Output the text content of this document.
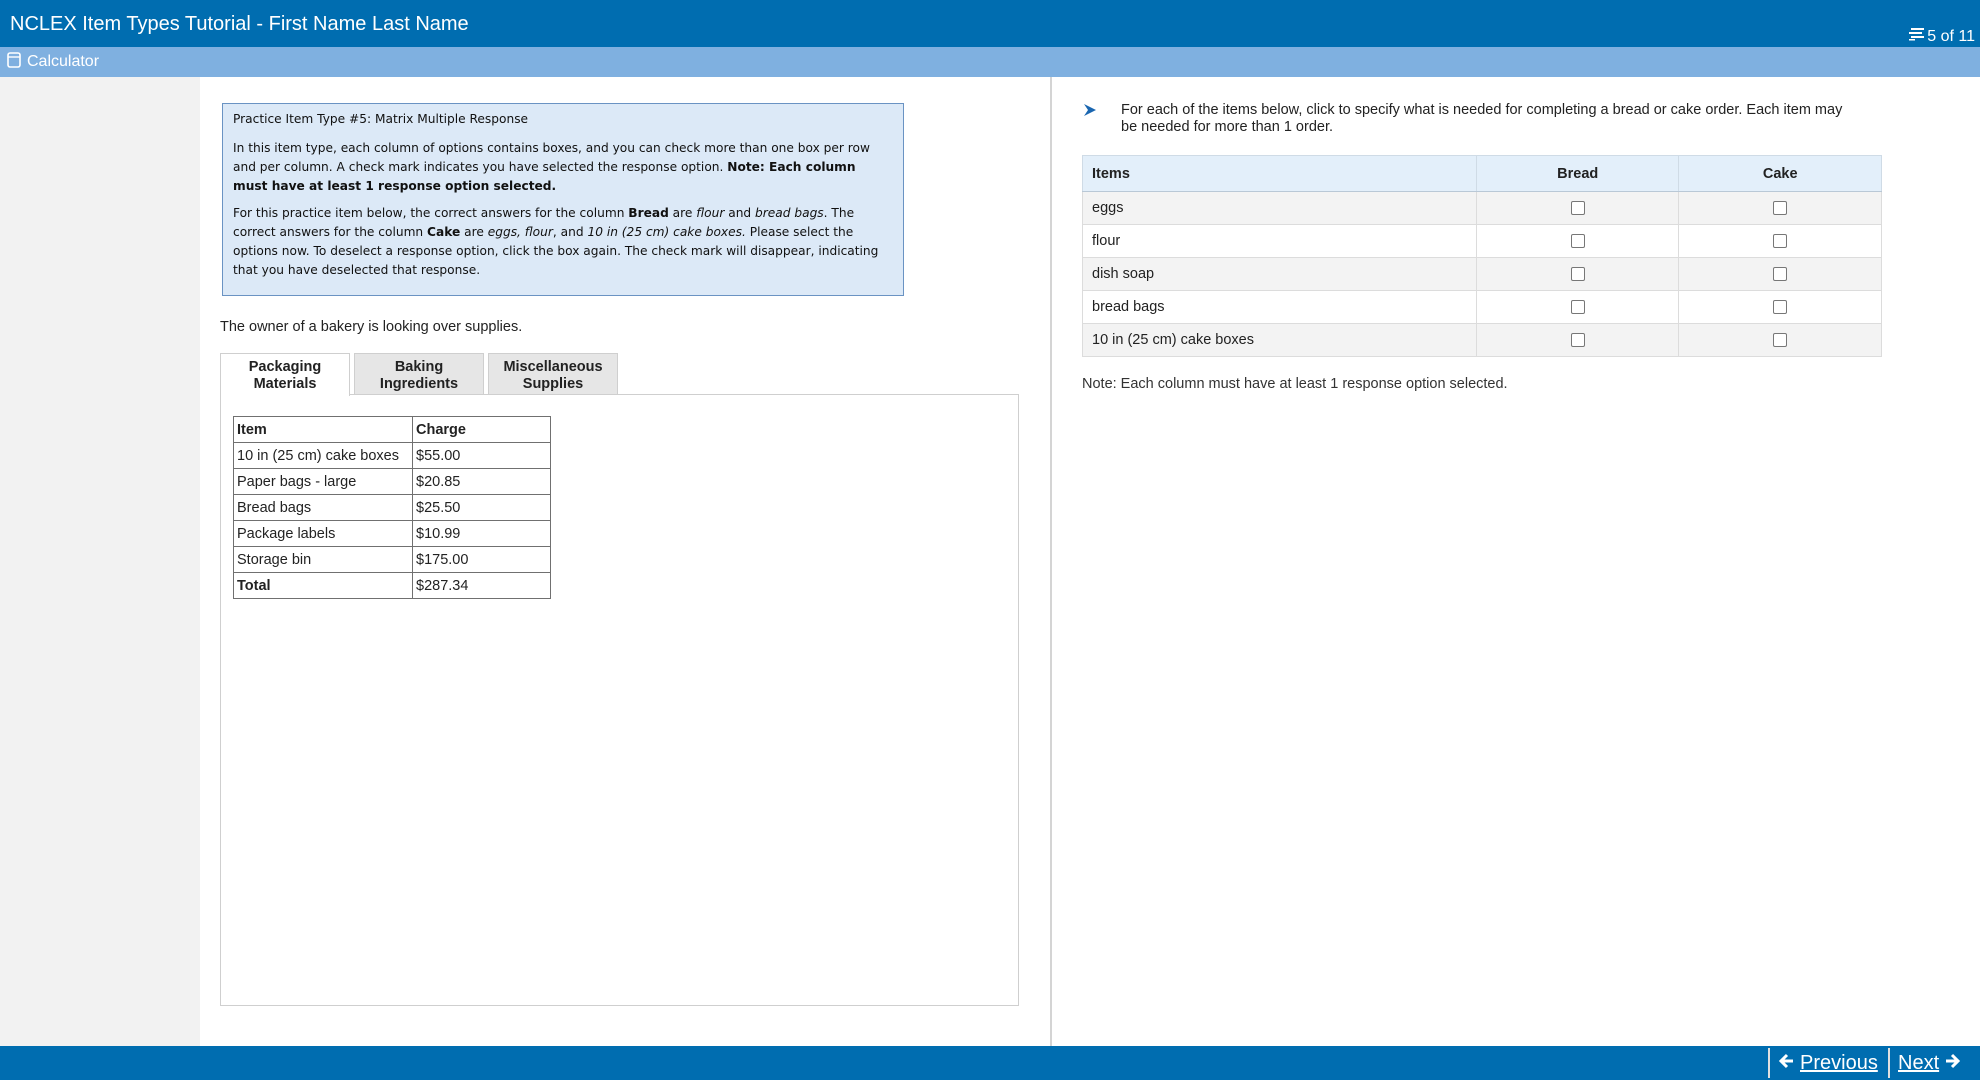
NCLEX Item Types Tutorial - First Name Last Name
5 of 11
Calculator

Practice Item Type #5: Matrix Multiple Response

In this item type, each column of options contains boxes, and you can check more than one box per row and per column. A check mark indicates you have selected the response option. Note: Each column must have at least 1 response option selected.

For this practice item below, the correct answers for the column Bread are flour and bread bags. The correct answers for the column Cake are eggs, flour, and 10 in (25 cm) cake boxes. Please select the options now. To deselect a response option, click the box again. The check mark will disappear, indicating that you have deselected that response.

The owner of a bakery is looking over supplies.
Packaging
Materials
Baking
Ingredients
Miscellaneous
Supplies
Item	Charge
10 in (25 cm) cake boxes	$55.00
Paper bags - large	$20.85
Bread bags	$25.50
Package labels	$10.99
Storage bin	$175.00
Total	$287.34
For each of the items below, click to specify what is needed for completing a bread or cake order. Each item may be needed for more than 1 order.
Items	Bread	Cake
eggs		
flour		
dish soap		
bread bags		
10 in (25 cm) cake boxes		
Note: Each column must have at least 1 response option selected.
Previous Next
